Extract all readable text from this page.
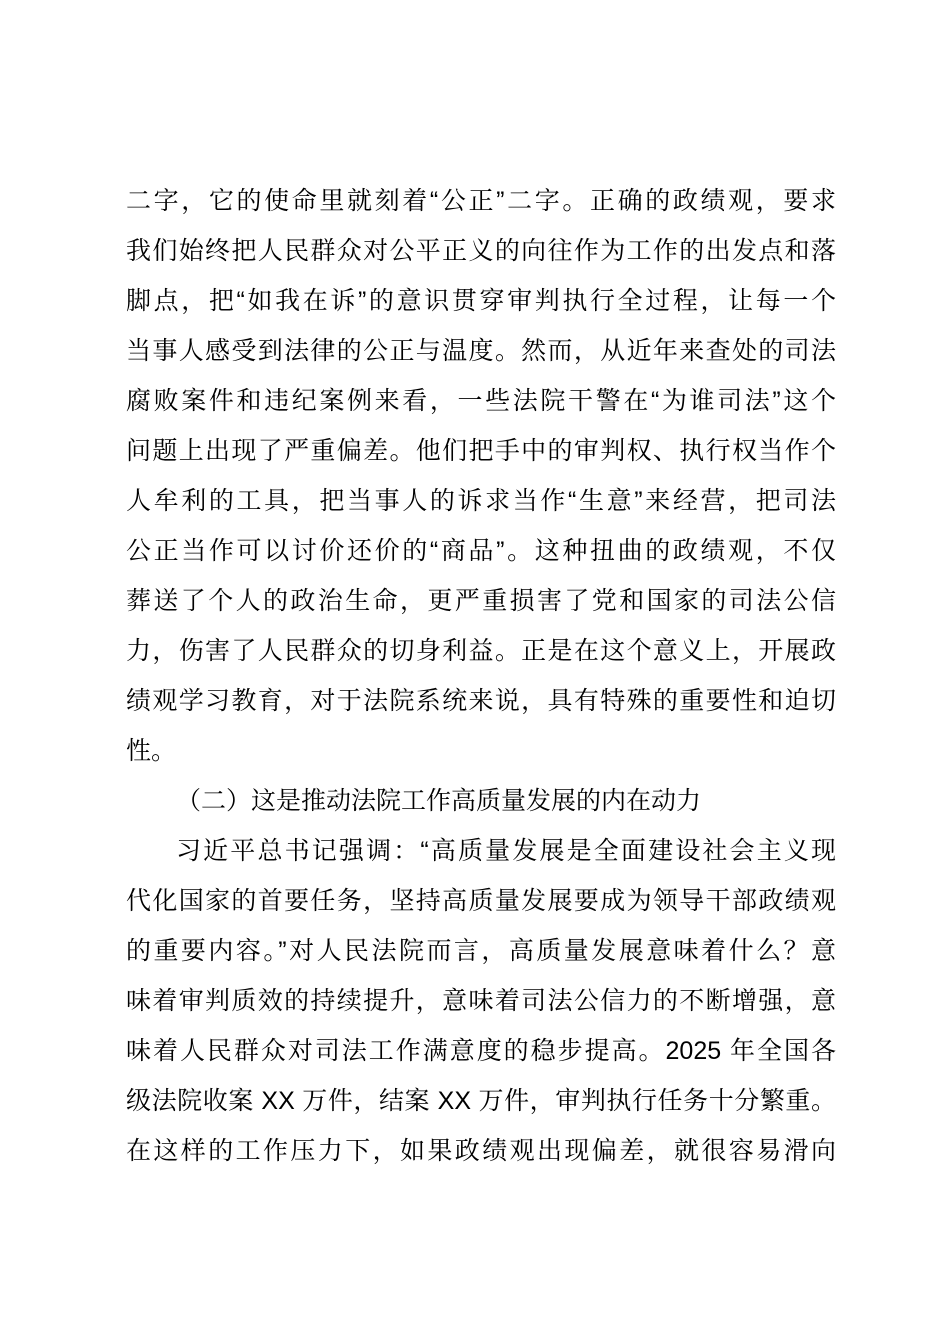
二字，它的使命里就刻着“公正”二字。正确的政绩观，要求
我们始终把人民群众对公平正义的向往作为工作的出发点和落
脚点，把“如我在诉”的意识贯穿审判执行全过程，让每一个
当事人感受到法律的公正与温度。然而，从近年来查处的司法
腐败案件和违纪案例来看，一些法院干警在“为谁司法”这个
问题上出现了严重偏差。他们把手中的审判权、执行权当作个
人牟利的工具，把当事人的诉求当作“生意”来经营，把司法
公正当作可以讨价还价的“商品”。这种扭曲的政绩观，不仅
葬送了个人的政治生命，更严重损害了党和国家的司法公信
力，伤害了人民群众的切身利益。正是在这个意义上，开展政
绩观学习教育，对于法院系统来说，具有特殊的重要性和迫切
性。
（二）这是推动法院工作高质量发展的内在动力
习近平总书记强调：“高质量发展是全面建设社会主义现
代化国家的首要任务，坚持高质量发展要成为领导干部政绩观
的重要内容。”对人民法院而言，高质量发展意味着什么？意
味着审判质效的持续提升，意味着司法公信力的不断增强，意
味着人民群众对司法工作满意度的稳步提高。2025 年全国各
级法院收案 XX 万件，结案 XX 万件，审判执行任务十分繁重。
在这样的工作压力下，如果政绩观出现偏差，就很容易滑向
